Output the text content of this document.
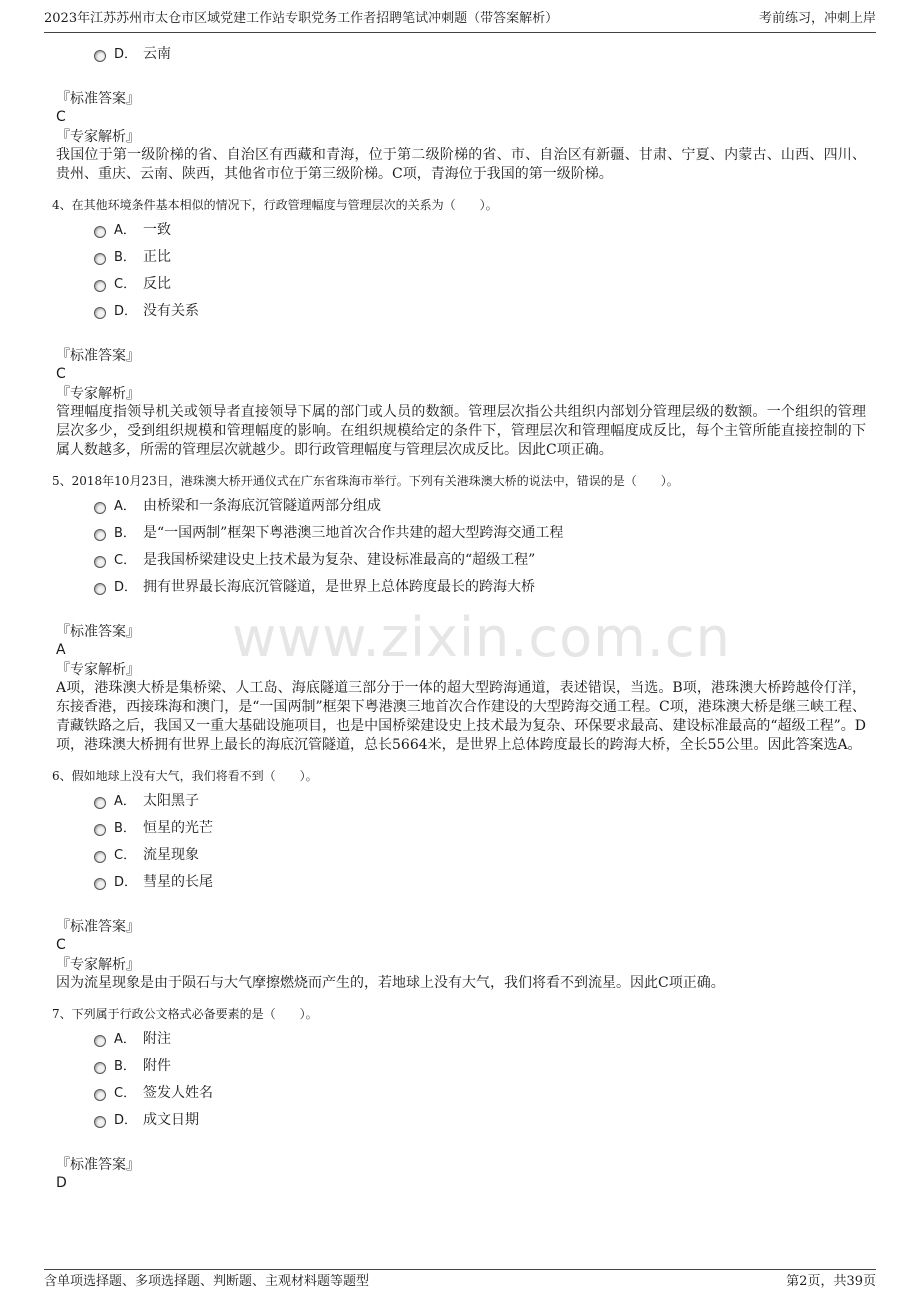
2023年江苏苏州市太仓市区域党建工作站专职党务工作者招聘笔试冲刺题（带答案解析）	考前练习，冲刺上岸
www.zixin.com.cn
D． 云南
『标准答案』
C
『专家解析』
我国位于第一级阶梯的省、自治区有西藏和青海，位于第二级阶梯的省、市、自治区有新疆、甘肃、宁夏、内蒙古、山西、四川、贵州、重庆、云南、陕西，其他省市位于第三级阶梯。C项，青海位于我国的第一级阶梯。
4、在其他环境条件基本相似的情况下，行政管理幅度与管理层次的关系为（　　）。
A． 一致
B． 正比
C． 反比
D． 没有关系
『标准答案』
C
『专家解析』
管理幅度指领导机关或领导者直接领导下属的部门或人员的数额。管理层次指公共组织内部划分管理层级的数额。一个组织的管理层次多少，受到组织规模和管理幅度的影响。在组织规模给定的条件下，管理层次和管理幅度成反比，每个主管所能直接控制的下属人数越多，所需的管理层次就越少。即行政管理幅度与管理层次成反比。因此C项正确。
5、2018年10月23日，港珠澳大桥开通仪式在广东省珠海市举行。下列有关港珠澳大桥的说法中，错误的是（　　）。
A． 由桥梁和一条海底沉管隧道两部分组成
B． 是“一国两制”框架下粤港澳三地首次合作共建的超大型跨海交通工程
C． 是我国桥梁建设史上技术最为复杂、建设标准最高的“超级工程”
D． 拥有世界最长海底沉管隧道，是世界上总体跨度最长的跨海大桥
『标准答案』
A
『专家解析』
A项，港珠澳大桥是集桥梁、人工岛、海底隧道三部分于一体的超大型跨海通道，表述错误，当选。B项，港珠澳大桥跨越伶仃洋，东接香港，西接珠海和澳门，是“一国两制”框架下粤港澳三地首次合作建设的大型跨海交通工程。C项，港珠澳大桥是继三峡工程、青藏铁路之后，我国又一重大基础设施项目，也是中国桥梁建设史上技术最为复杂、环保要求最高、建设标准最高的“超级工程”。D项，港珠澳大桥拥有世界上最长的海底沉管隧道，总长5664米，是世界上总体跨度最长的跨海大桥，全长55公里。因此答案选A。
6、假如地球上没有大气，我们将看不到（　　）。
A． 太阳黑子
B． 恒星的光芒
C． 流星现象
D． 彗星的长尾
『标准答案』
C
『专家解析』
因为流星现象是由于陨石与大气摩擦燃烧而产生的，若地球上没有大气，我们将看不到流星。因此C项正确。
7、下列属于行政公文格式必备要素的是（　　）。
A． 附注
B． 附件
C． 签发人姓名
D． 成文日期
『标准答案』
D
含单项选择题、多项选择题、判断题、主观材料题等题型	第2页，共39页
